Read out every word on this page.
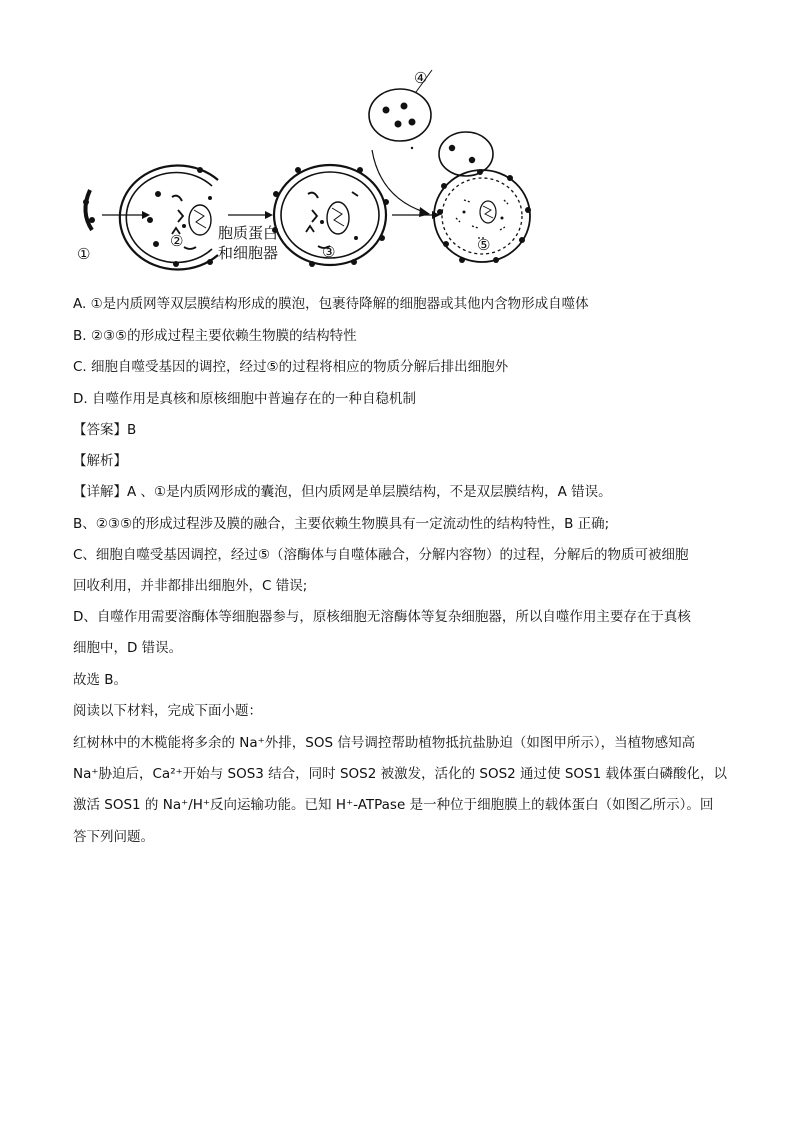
①
②
③
④
⑤
胞质蛋白
和细胞器
A. ①是内质网等双层膜结构形成的膜泡，包裹待降解的细胞器或其他内含物形成自噬体
B. ②③⑤的形成过程主要依赖生物膜的结构特性
C. 细胞自噬受基因的调控，经过⑤的过程将相应的物质分解后排出细胞外
D. 自噬作用是真核和原核细胞中普遍存在的一种自稳机制
【答案】B
【解析】
【详解】A 、①是内质网形成的囊泡，但内质网是单层膜结构，不是双层膜结构，A 错误。
B、②③⑤的形成过程涉及膜的融合，主要依赖生物膜具有一定流动性的结构特性，B 正确;
C、细胞自噬受基因调控，经过⑤（溶酶体与自噬体融合，分解内容物）的过程，分解后的物质可被细胞
回收利用，并非都排出细胞外，C 错误;
D、自噬作用需要溶酶体等细胞器参与，原核细胞无溶酶体等复杂细胞器，所以自噬作用主要存在于真核
细胞中，D 错误。
故选 B。
阅读以下材料，完成下面小题：
红树林中的木榄能将多余的 Na⁺外排，SOS 信号调控帮助植物抵抗盐胁迫（如图甲所示），当植物感知高
Na⁺胁迫后，Ca²⁺开始与 SOS3 结合，同时 SOS2 被激发，活化的 SOS2 通过使 SOS1 载体蛋白磷酸化，以
激活 SOS1 的 Na⁺/H⁺反向运输功能。已知 H⁺-ATPase 是一种位于细胞膜上的载体蛋白（如图乙所示）。回
答下列问题。
